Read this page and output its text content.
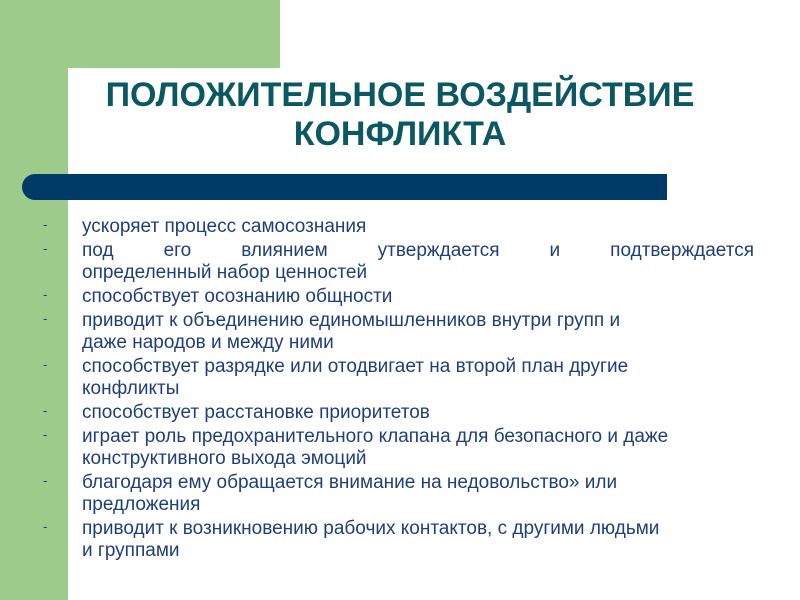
ПОЛОЖИТЕЛЬНОЕ ВОЗДЕЙСТВИЕ
КОНФЛИКТА
- ускоряет процесс самосознания
- под его влиянием утверждается и подтверждается
определенный набор ценностей
- способствует осознанию общности
- приводит к объединению единомышленников внутри групп и
даже народов и между ними
- способствует разрядке или отодвигает на второй план другие
конфликты
- способствует расстановке приоритетов
- играет роль предохранительного клапана для безопасного и даже
конструктивного выхода эмоций
- благодаря ему обращается внимание на недовольство» или
предложения
- приводит к возникновению рабочих контактов, с другими людьми
и группами
